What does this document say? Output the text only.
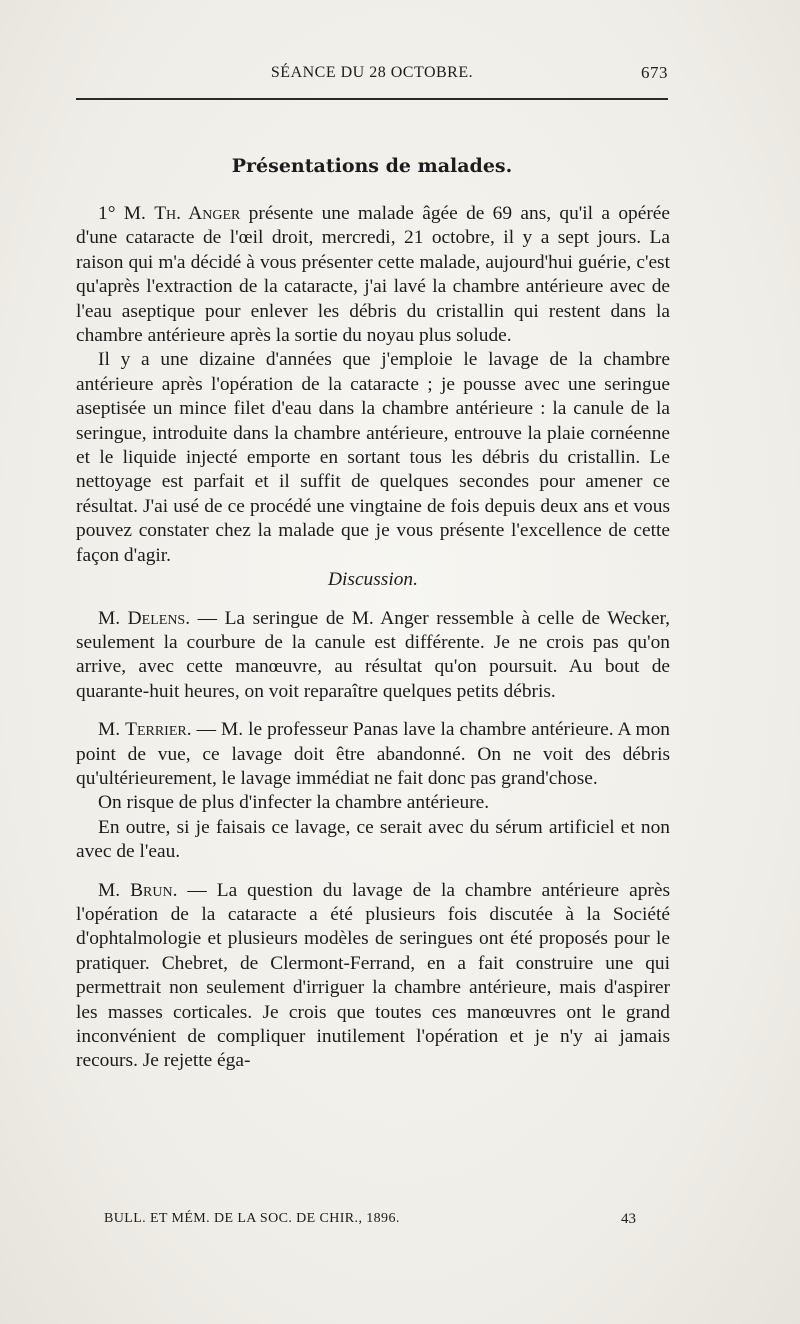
SÉANCE DU 28 OCTOBRE.	673
Présentations de malades.

1° M. Th. Anger présente une malade âgée de 69 ans, qu'il a opérée d'une cataracte de l'œil droit, mercredi, 21 octobre, il y a sept jours. La raison qui m'a décidé à vous présenter cette malade, aujourd'hui guérie, c'est qu'après l'extraction de la cataracte, j'ai lavé la chambre antérieure avec de l'eau aseptique pour enlever les débris du cristallin qui restent dans la chambre antérieure après la sortie du noyau plus solude.

Il y a une dizaine d'années que j'emploie le lavage de la chambre antérieure après l'opération de la cataracte ; je pousse avec une seringue aseptisée un mince filet d'eau dans la chambre antérieure : la canule de la seringue, introduite dans la chambre antérieure, entrouve la plaie cornéenne et le liquide injecté emporte en sortant tous les débris du cristallin. Le nettoyage est parfait et il suffit de quelques secondes pour amener ce résultat. J'ai usé de ce procédé une vingtaine de fois depuis deux ans et vous pouvez constater chez la malade que je vous présente l'excellence de cette façon d'agir.

Discussion.

M. Delens. — La seringue de M. Anger ressemble à celle de Wecker, seulement la courbure de la canule est différente. Je ne crois pas qu'on arrive, avec cette manœuvre, au résultat qu'on poursuit. Au bout de quarante-huit heures, on voit reparaître quelques petits débris.

M. Terrier. — M. le professeur Panas lave la chambre antérieure. A mon point de vue, ce lavage doit être abandonné. On ne voit des débris qu'ultérieurement, le lavage immédiat ne fait donc pas grand'chose.

On risque de plus d'infecter la chambre antérieure.

En outre, si je faisais ce lavage, ce serait avec du sérum artificiel et non avec de l'eau.

M. Brun. — La question du lavage de la chambre antérieure après l'opération de la cataracte a été plusieurs fois discutée à la Société d'ophtalmologie et plusieurs modèles de seringues ont été proposés pour le pratiquer. Chebret, de Clermont-Ferrand, en a fait construire une qui permettrait non seulement d'irriguer la chambre antérieure, mais d'aspirer les masses corticales. Je crois que toutes ces manœuvres ont le grand inconvénient de compliquer inutilement l'opération et je n'y ai jamais recours. Je rejette éga-

BULL. ET MÉM. DE LA SOC. DE CHIR., 1896.	43
